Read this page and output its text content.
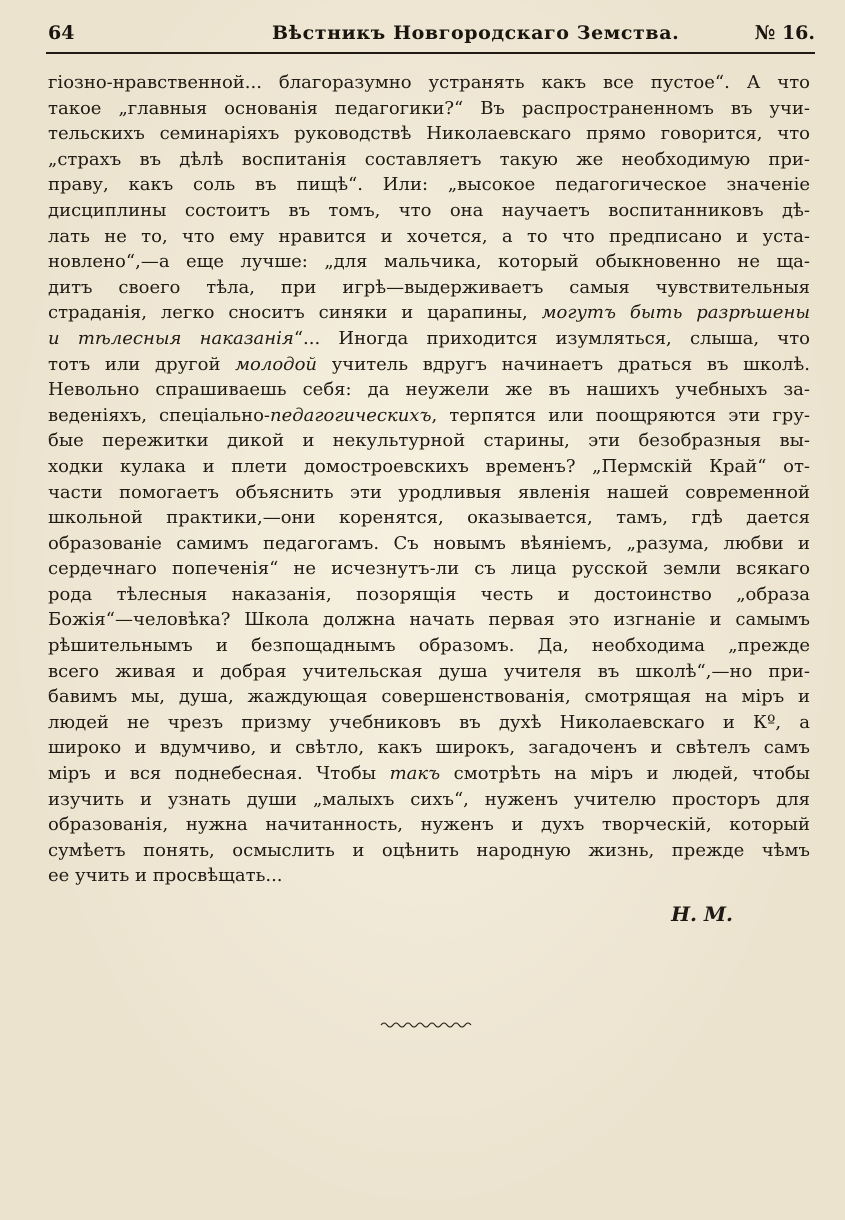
64	Вѣстникъ Новгородскаго Земства.	№ 16.
гіозно-нравственной... благоразумно устранять какъ все пустое“. А что
такое „главныя основанія педагогики?“ Въ распространенномъ въ учи-
тельскихъ семинаріяхъ руководствѣ Николаевскаго прямо говорится, что
„страхъ въ дѣлѣ воспитанія составляетъ такую же необходимую при-
праву, какъ соль въ пищѣ“. Или: „высокое педагогическое значеніе
дисциплины состоитъ въ томъ, что она научаетъ воспитанниковъ дѣ-
лать не то, что ему нравится и хочется, а то что предписано и уста-
новлено“,—а еще лучше: „для мальчика, который обыкновенно не ща-
дитъ своего тѣла, при игрѣ—выдерживаетъ самыя чувствительныя
страданія, легко сноситъ синяки и царапины, могутъ быть разрѣшены
и тѣлесныя наказанія“... Иногда приходится изумляться, слыша, что
тотъ или другой молодой учитель вдругъ начинаетъ драться въ школѣ.
Невольно спрашиваешь себя: да неужели же въ нашихъ учебныхъ за-
веденіяхъ, спеціально-педагогическихъ, терпятся или поощряются эти гру-
бые пережитки дикой и некультурной старины, эти безобразныя вы-
ходки кулака и плети домостроевскихъ временъ? „Пермскій Край“ от-
части помогаетъ объяснить эти уродливыя явленія нашей современной
школьной практики,—они коренятся, оказывается, тамъ, гдѣ дается
образованіе самимъ педагогамъ. Съ новымъ вѣяніемъ, „разума, любви и
сердечнаго попеченія“ не исчезнутъ-ли съ лица русской земли всякаго
рода тѣлесныя наказанія, позорящія честь и достоинство „образа
Божія“—человѣка? Школа должна начать первая это изгнаніе и самымъ
рѣшительнымъ и безпощаднымъ образомъ. Да, необходима „прежде
всего живая и добрая учительская душа учителя въ школѣ“,—но при-
бавимъ мы, душа, жаждующая совершенствованія, смотрящая на міръ и
людей не чрезъ призму учебниковъ въ духѣ Николаевскаго и Кº, а
широко и вдумчиво, и свѣтло, какъ широкъ, загадоченъ и свѣтелъ самъ
міръ и вся поднебесная. Чтобы такъ смотрѣть на міръ и людей, чтобы
изучить и узнать души „малыхъ сихъ“, нуженъ учителю просторъ для
образованія, нужна начитанность, нуженъ и духъ творческій, который
сумѣетъ понять, осмыслить и оцѣнить народную жизнь, прежде чѣмъ
ее учить и просвѣщать...
Н. М.
